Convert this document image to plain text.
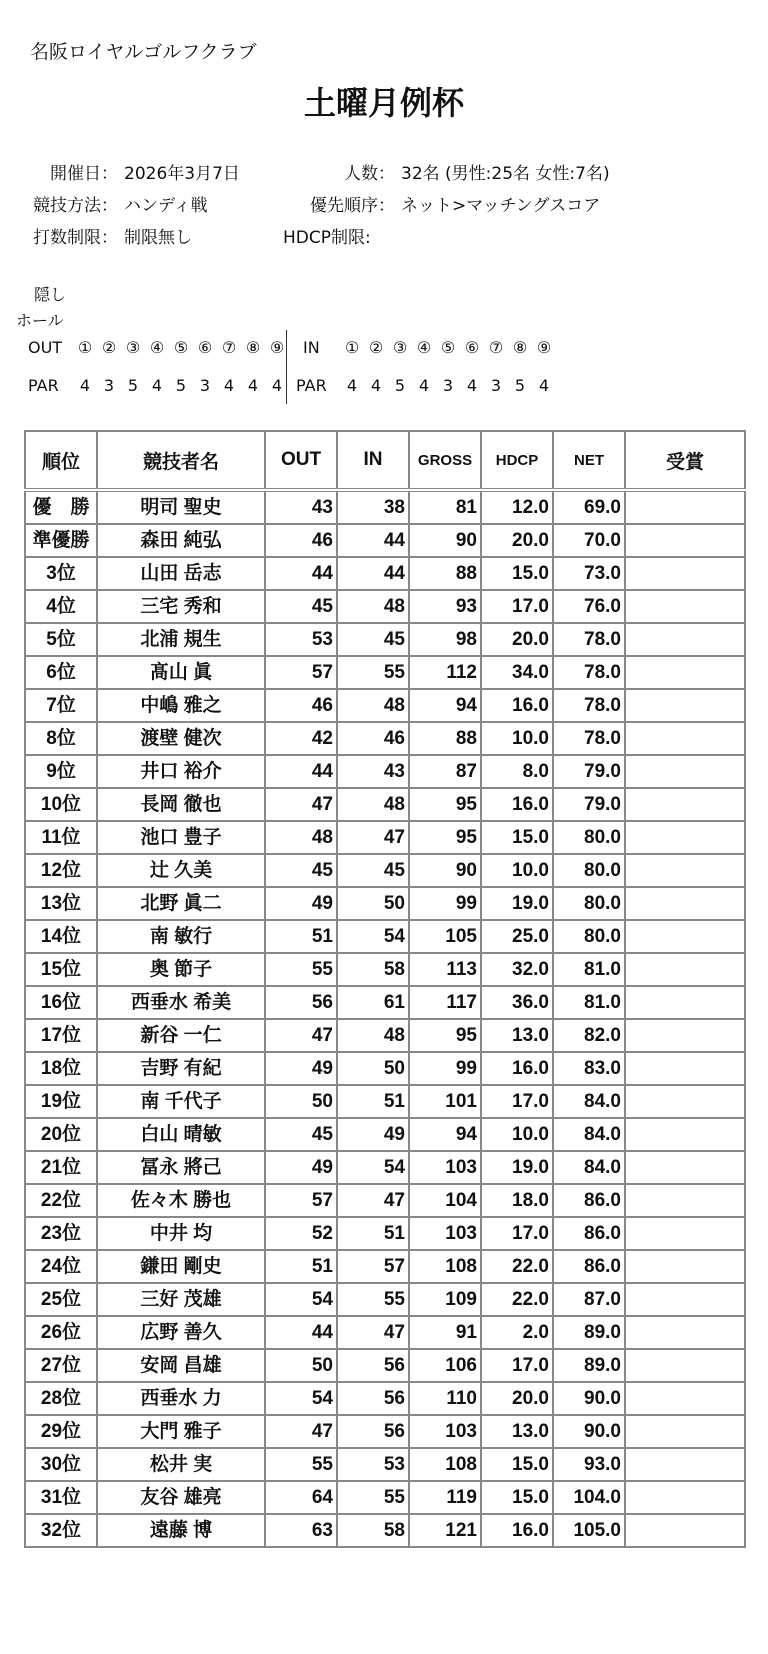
名阪ロイヤルゴルフクラブ
土曜月例杯
開催日： 2026年3月7日	人数： 32名 (男性:25名 女性:7名)
競技方法： ハンディ戦	優先順序： ネット>マッチングスコア
打数制限： 制限無し	HDCP制限:
隠し
ホール
OUT ① ② ③ ④ ⑤ ⑥ ⑦ ⑧ ⑨	IN	① ② ③ ④ ⑤ ⑥ ⑦ ⑧ ⑨
PAR	4 3 5 4 5 3 4 4 4 PAR	4 4 5 4 3 4 3 5 4
順位	競技者名	OUT	IN	GROSS	HDCP	NET	受賞
優　勝	明司 聖史	43	38	81	12.0	69.0	
準優勝	森田 純弘	46	44	90	20.0	70.0	
3位	山田 岳志	44	44	88	15.0	73.0	
4位	三宅 秀和	45	48	93	17.0	76.0	
5位	北浦 規生	53	45	98	20.0	78.0	
6位	髙山 眞	57	55	112	34.0	78.0	
7位	中嶋 雅之	46	48	94	16.0	78.0	
8位	渡壁 健次	42	46	88	10.0	78.0	
9位	井口 裕介	44	43	87	8.0	79.0	
10位	長岡 徹也	47	48	95	16.0	79.0	
11位	池口 豊子	48	47	95	15.0	80.0	
12位	辻 久美	45	45	90	10.0	80.0	
13位	北野 眞二	49	50	99	19.0	80.0	
14位	南 敏行	51	54	105	25.0	80.0	
15位	奥 節子	55	58	113	32.0	81.0	
16位	西垂水 希美	56	61	117	36.0	81.0	
17位	新谷 一仁	47	48	95	13.0	82.0	
18位	吉野 有紀	49	50	99	16.0	83.0	
19位	南 千代子	50	51	101	17.0	84.0	
20位	白山 晴敏	45	49	94	10.0	84.0	
21位	冨永 將己	49	54	103	19.0	84.0	
22位	佐々木 勝也	57	47	104	18.0	86.0	
23位	中井 均	52	51	103	17.0	86.0	
24位	鎌田 剛史	51	57	108	22.0	86.0	
25位	三好 茂雄	54	55	109	22.0	87.0	
26位	広野 善久	44	47	91	2.0	89.0	
27位	安岡 昌雄	50	56	106	17.0	89.0	
28位	西垂水 力	54	56	110	20.0	90.0	
29位	大門 雅子	47	56	103	13.0	90.0	
30位	松井 実	55	53	108	15.0	93.0	
31位	友谷 雄亮	64	55	119	15.0	104.0	
32位	遠藤 博	63	58	121	16.0	105.0	
